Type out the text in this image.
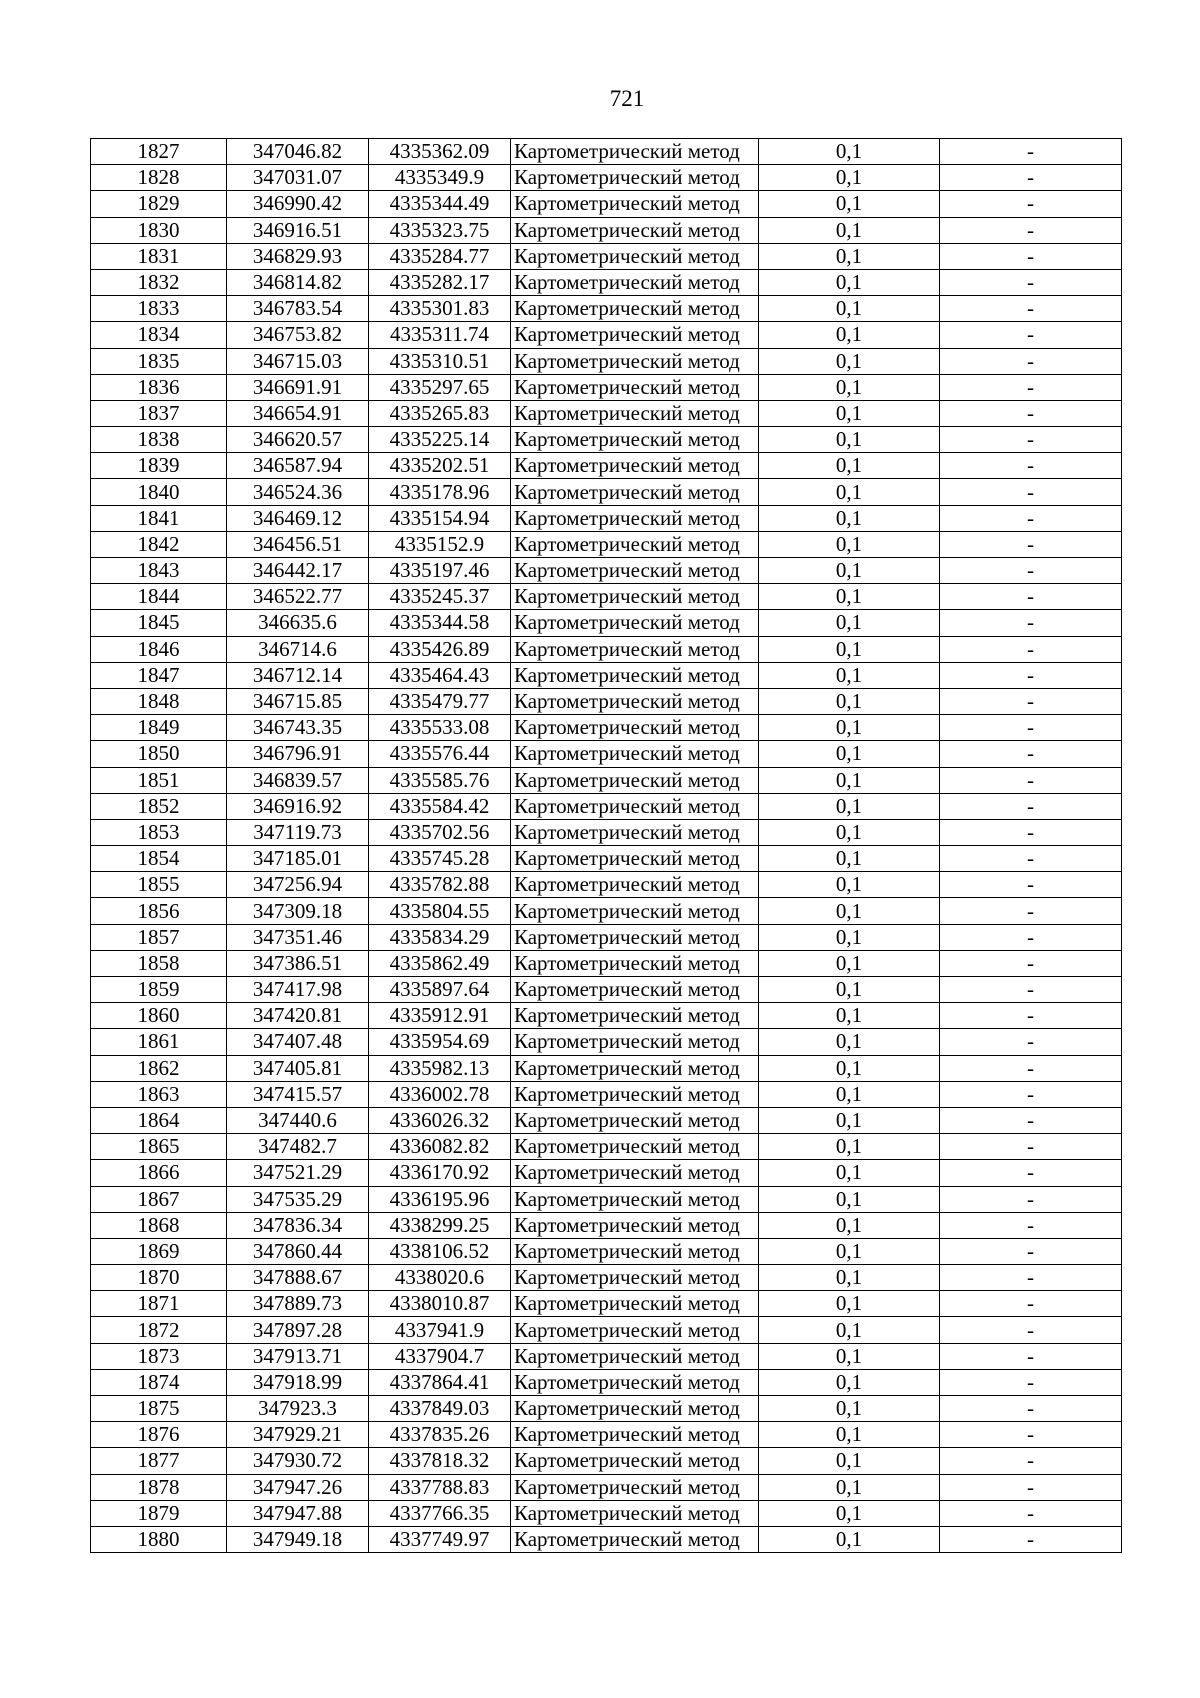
721
1827	347046.82	4335362.09	Картометрический метод	0,1	-
1828	347031.07	4335349.9	Картометрический метод	0,1	-
1829	346990.42	4335344.49	Картометрический метод	0,1	-
1830	346916.51	4335323.75	Картометрический метод	0,1	-
1831	346829.93	4335284.77	Картометрический метод	0,1	-
1832	346814.82	4335282.17	Картометрический метод	0,1	-
1833	346783.54	4335301.83	Картометрический метод	0,1	-
1834	346753.82	4335311.74	Картометрический метод	0,1	-
1835	346715.03	4335310.51	Картометрический метод	0,1	-
1836	346691.91	4335297.65	Картометрический метод	0,1	-
1837	346654.91	4335265.83	Картометрический метод	0,1	-
1838	346620.57	4335225.14	Картометрический метод	0,1	-
1839	346587.94	4335202.51	Картометрический метод	0,1	-
1840	346524.36	4335178.96	Картометрический метод	0,1	-
1841	346469.12	4335154.94	Картометрический метод	0,1	-
1842	346456.51	4335152.9	Картометрический метод	0,1	-
1843	346442.17	4335197.46	Картометрический метод	0,1	-
1844	346522.77	4335245.37	Картометрический метод	0,1	-
1845	346635.6	4335344.58	Картометрический метод	0,1	-
1846	346714.6	4335426.89	Картометрический метод	0,1	-
1847	346712.14	4335464.43	Картометрический метод	0,1	-
1848	346715.85	4335479.77	Картометрический метод	0,1	-
1849	346743.35	4335533.08	Картометрический метод	0,1	-
1850	346796.91	4335576.44	Картометрический метод	0,1	-
1851	346839.57	4335585.76	Картометрический метод	0,1	-
1852	346916.92	4335584.42	Картометрический метод	0,1	-
1853	347119.73	4335702.56	Картометрический метод	0,1	-
1854	347185.01	4335745.28	Картометрический метод	0,1	-
1855	347256.94	4335782.88	Картометрический метод	0,1	-
1856	347309.18	4335804.55	Картометрический метод	0,1	-
1857	347351.46	4335834.29	Картометрический метод	0,1	-
1858	347386.51	4335862.49	Картометрический метод	0,1	-
1859	347417.98	4335897.64	Картометрический метод	0,1	-
1860	347420.81	4335912.91	Картометрический метод	0,1	-
1861	347407.48	4335954.69	Картометрический метод	0,1	-
1862	347405.81	4335982.13	Картометрический метод	0,1	-
1863	347415.57	4336002.78	Картометрический метод	0,1	-
1864	347440.6	4336026.32	Картометрический метод	0,1	-
1865	347482.7	4336082.82	Картометрический метод	0,1	-
1866	347521.29	4336170.92	Картометрический метод	0,1	-
1867	347535.29	4336195.96	Картометрический метод	0,1	-
1868	347836.34	4338299.25	Картометрический метод	0,1	-
1869	347860.44	4338106.52	Картометрический метод	0,1	-
1870	347888.67	4338020.6	Картометрический метод	0,1	-
1871	347889.73	4338010.87	Картометрический метод	0,1	-
1872	347897.28	4337941.9	Картометрический метод	0,1	-
1873	347913.71	4337904.7	Картометрический метод	0,1	-
1874	347918.99	4337864.41	Картометрический метод	0,1	-
1875	347923.3	4337849.03	Картометрический метод	0,1	-
1876	347929.21	4337835.26	Картометрический метод	0,1	-
1877	347930.72	4337818.32	Картометрический метод	0,1	-
1878	347947.26	4337788.83	Картометрический метод	0,1	-
1879	347947.88	4337766.35	Картометрический метод	0,1	-
1880	347949.18	4337749.97	Картометрический метод	0,1	-
